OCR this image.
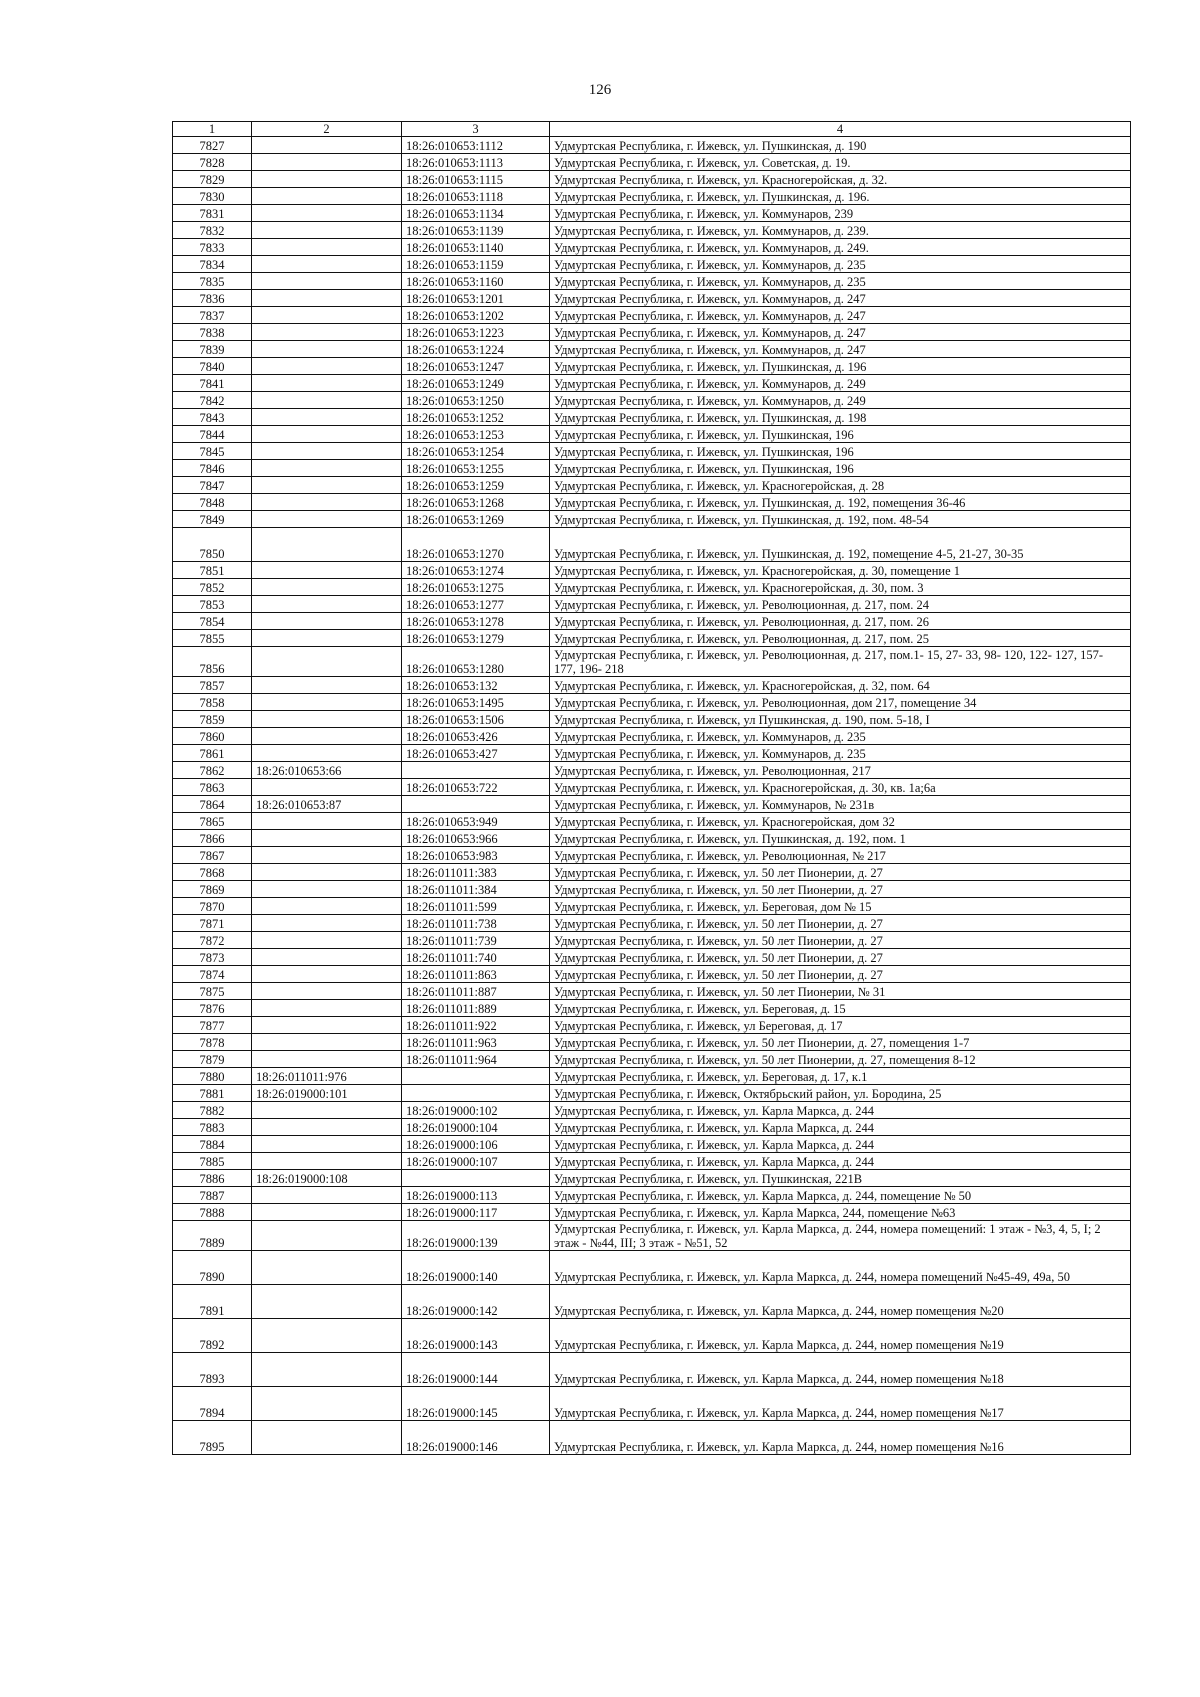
126
1	2	3	4
7827		18:26:010653:1112	Удмуртская Республика, г. Ижевск, ул. Пушкинская, д. 190
7828		18:26:010653:1113	Удмуртская Республика, г. Ижевск, ул. Советская, д. 19.
7829		18:26:010653:1115	Удмуртская Республика, г. Ижевск, ул. Красногеройская, д. 32.
7830		18:26:010653:1118	Удмуртская Республика, г. Ижевск, ул. Пушкинская, д. 196.
7831		18:26:010653:1134	Удмуртская Республика, г. Ижевск, ул. Коммунаров, 239
7832		18:26:010653:1139	Удмуртская Республика, г. Ижевск, ул. Коммунаров, д. 239.
7833		18:26:010653:1140	Удмуртская Республика, г. Ижевск, ул. Коммунаров, д. 249.
7834		18:26:010653:1159	Удмуртская Республика, г. Ижевск, ул. Коммунаров, д. 235
7835		18:26:010653:1160	Удмуртская Республика, г. Ижевск, ул. Коммунаров, д. 235
7836		18:26:010653:1201	Удмуртская Республика, г. Ижевск, ул. Коммунаров, д. 247
7837		18:26:010653:1202	Удмуртская Республика, г. Ижевск, ул. Коммунаров, д. 247
7838		18:26:010653:1223	Удмуртская Республика, г. Ижевск, ул. Коммунаров, д. 247
7839		18:26:010653:1224	Удмуртская Республика, г. Ижевск, ул. Коммунаров, д. 247
7840		18:26:010653:1247	Удмуртская Республика, г. Ижевск, ул. Пушкинская, д. 196
7841		18:26:010653:1249	Удмуртская Республика, г. Ижевск, ул. Коммунаров, д. 249
7842		18:26:010653:1250	Удмуртская Республика, г. Ижевск, ул. Коммунаров, д. 249
7843		18:26:010653:1252	Удмуртская Республика, г. Ижевск, ул. Пушкинская, д. 198
7844		18:26:010653:1253	Удмуртская Республика, г. Ижевск, ул. Пушкинская, 196
7845		18:26:010653:1254	Удмуртская Республика, г. Ижевск, ул. Пушкинская, 196
7846		18:26:010653:1255	Удмуртская Республика, г. Ижевск, ул. Пушкинская, 196
7847		18:26:010653:1259	Удмуртская Республика, г. Ижевск, ул. Красногеройская, д. 28
7848		18:26:010653:1268	Удмуртская Республика, г. Ижевск, ул. Пушкинская, д. 192, помещения 36-46
7849		18:26:010653:1269	Удмуртская Республика, г. Ижевск, ул. Пушкинская, д. 192, пом. 48-54
7850		18:26:010653:1270	Удмуртская Республика, г. Ижевск, ул. Пушкинская, д. 192, помещение 4-5, 21-27, 30-35
7851		18:26:010653:1274	Удмуртская Республика, г. Ижевск, ул. Красногеройская, д. 30, помещение 1
7852		18:26:010653:1275	Удмуртская Республика, г. Ижевск, ул. Красногеройская, д. 30, пом. 3
7853		18:26:010653:1277	Удмуртская Республика, г. Ижевск, ул. Революционная, д. 217, пом. 24
7854		18:26:010653:1278	Удмуртская Республика, г. Ижевск, ул. Революционная, д. 217, пом. 26
7855		18:26:010653:1279	Удмуртская Республика, г. Ижевск, ул. Революционная, д. 217, пом. 25
7856		18:26:010653:1280	Удмуртская Республика, г. Ижевск, ул. Революционная, д. 217, пом.1- 15, 27- 33, 98- 120, 122- 127, 157- 177, 196- 218
7857		18:26:010653:132	Удмуртская Республика, г. Ижевск, ул. Красногеройская, д. 32, пом. 64
7858		18:26:010653:1495	Удмуртская Республика, г. Ижевск, ул. Революционная, дом 217, помещение 34
7859		18:26:010653:1506	Удмуртская Республика, г. Ижевск, ул Пушкинская, д. 190, пом. 5-18, I
7860		18:26:010653:426	Удмуртская Республика, г. Ижевск, ул. Коммунаров, д. 235
7861		18:26:010653:427	Удмуртская Республика, г. Ижевск, ул. Коммунаров, д. 235
7862	18:26:010653:66		Удмуртская Республика, г. Ижевск, ул. Революционная, 217
7863		18:26:010653:722	Удмуртская Республика, г. Ижевск, ул. Красногеройская, д. 30, кв. 1а;6а
7864	18:26:010653:87		Удмуртская Республика, г. Ижевск, ул. Коммунаров, № 231в
7865		18:26:010653:949	Удмуртская Республика, г. Ижевск, ул. Красногеройская, дом 32
7866		18:26:010653:966	Удмуртская Республика, г. Ижевск, ул. Пушкинская, д. 192, пом. 1
7867		18:26:010653:983	Удмуртская Республика, г. Ижевск, ул. Революционная, № 217
7868		18:26:011011:383	Удмуртская Республика, г. Ижевск, ул. 50 лет Пионерии, д. 27
7869		18:26:011011:384	Удмуртская Республика, г. Ижевск, ул. 50 лет Пионерии, д. 27
7870		18:26:011011:599	Удмуртская Республика, г. Ижевск, ул. Береговая, дом № 15
7871		18:26:011011:738	Удмуртская Республика, г. Ижевск, ул. 50 лет Пионерии, д. 27
7872		18:26:011011:739	Удмуртская Республика, г. Ижевск, ул. 50 лет Пионерии, д. 27
7873		18:26:011011:740	Удмуртская Республика, г. Ижевск, ул. 50 лет Пионерии, д. 27
7874		18:26:011011:863	Удмуртская Республика, г. Ижевск, ул. 50 лет Пионерии, д. 27
7875		18:26:011011:887	Удмуртская Республика, г. Ижевск, ул. 50 лет Пионерии, № 31
7876		18:26:011011:889	Удмуртская Республика, г. Ижевск, ул. Береговая, д. 15
7877		18:26:011011:922	Удмуртская Республика, г. Ижевск, ул Береговая, д. 17
7878		18:26:011011:963	Удмуртская Республика, г. Ижевск, ул. 50 лет Пионерии, д. 27, помещения 1-7
7879		18:26:011011:964	Удмуртская Республика, г. Ижевск, ул. 50 лет Пионерии, д. 27, помещения 8-12
7880	18:26:011011:976		Удмуртская Республика, г. Ижевск, ул. Береговая, д. 17, к.1
7881	18:26:019000:101		Удмуртская Республика, г. Ижевск, Октябрьский район, ул. Бородина, 25
7882		18:26:019000:102	Удмуртская Республика, г. Ижевск, ул. Карла Маркса, д. 244
7883		18:26:019000:104	Удмуртская Республика, г. Ижевск, ул. Карла Маркса, д. 244
7884		18:26:019000:106	Удмуртская Республика, г. Ижевск, ул. Карла Маркса, д. 244
7885		18:26:019000:107	Удмуртская Республика, г. Ижевск, ул. Карла Маркса, д. 244
7886	18:26:019000:108		Удмуртская Республика, г. Ижевск, ул. Пушкинская, 221В
7887		18:26:019000:113	Удмуртская Республика, г. Ижевск, ул. Карла Маркса, д. 244, помещение № 50
7888		18:26:019000:117	Удмуртская Республика, г. Ижевск, ул. Карла Маркса, 244, помещение №63
7889		18:26:019000:139	Удмуртская Республика, г. Ижевск, ул. Карла Маркса, д. 244, номера помещений: 1 этаж - №3, 4, 5, I; 2 этаж - №44, III; 3 этаж - №51, 52
7890		18:26:019000:140	Удмуртская Республика, г. Ижевск, ул. Карла Маркса, д. 244, номера помещений №45-49, 49а, 50
7891		18:26:019000:142	Удмуртская Республика, г. Ижевск, ул. Карла Маркса, д. 244, номер помещения №20
7892		18:26:019000:143	Удмуртская Республика, г. Ижевск, ул. Карла Маркса, д. 244, номер помещения №19
7893		18:26:019000:144	Удмуртская Республика, г. Ижевск, ул. Карла Маркса, д. 244, номер помещения №18
7894		18:26:019000:145	Удмуртская Республика, г. Ижевск, ул. Карла Маркса, д. 244, номер помещения №17
7895		18:26:019000:146	Удмуртская Республика, г. Ижевск, ул. Карла Маркса, д. 244, номер помещения №16
